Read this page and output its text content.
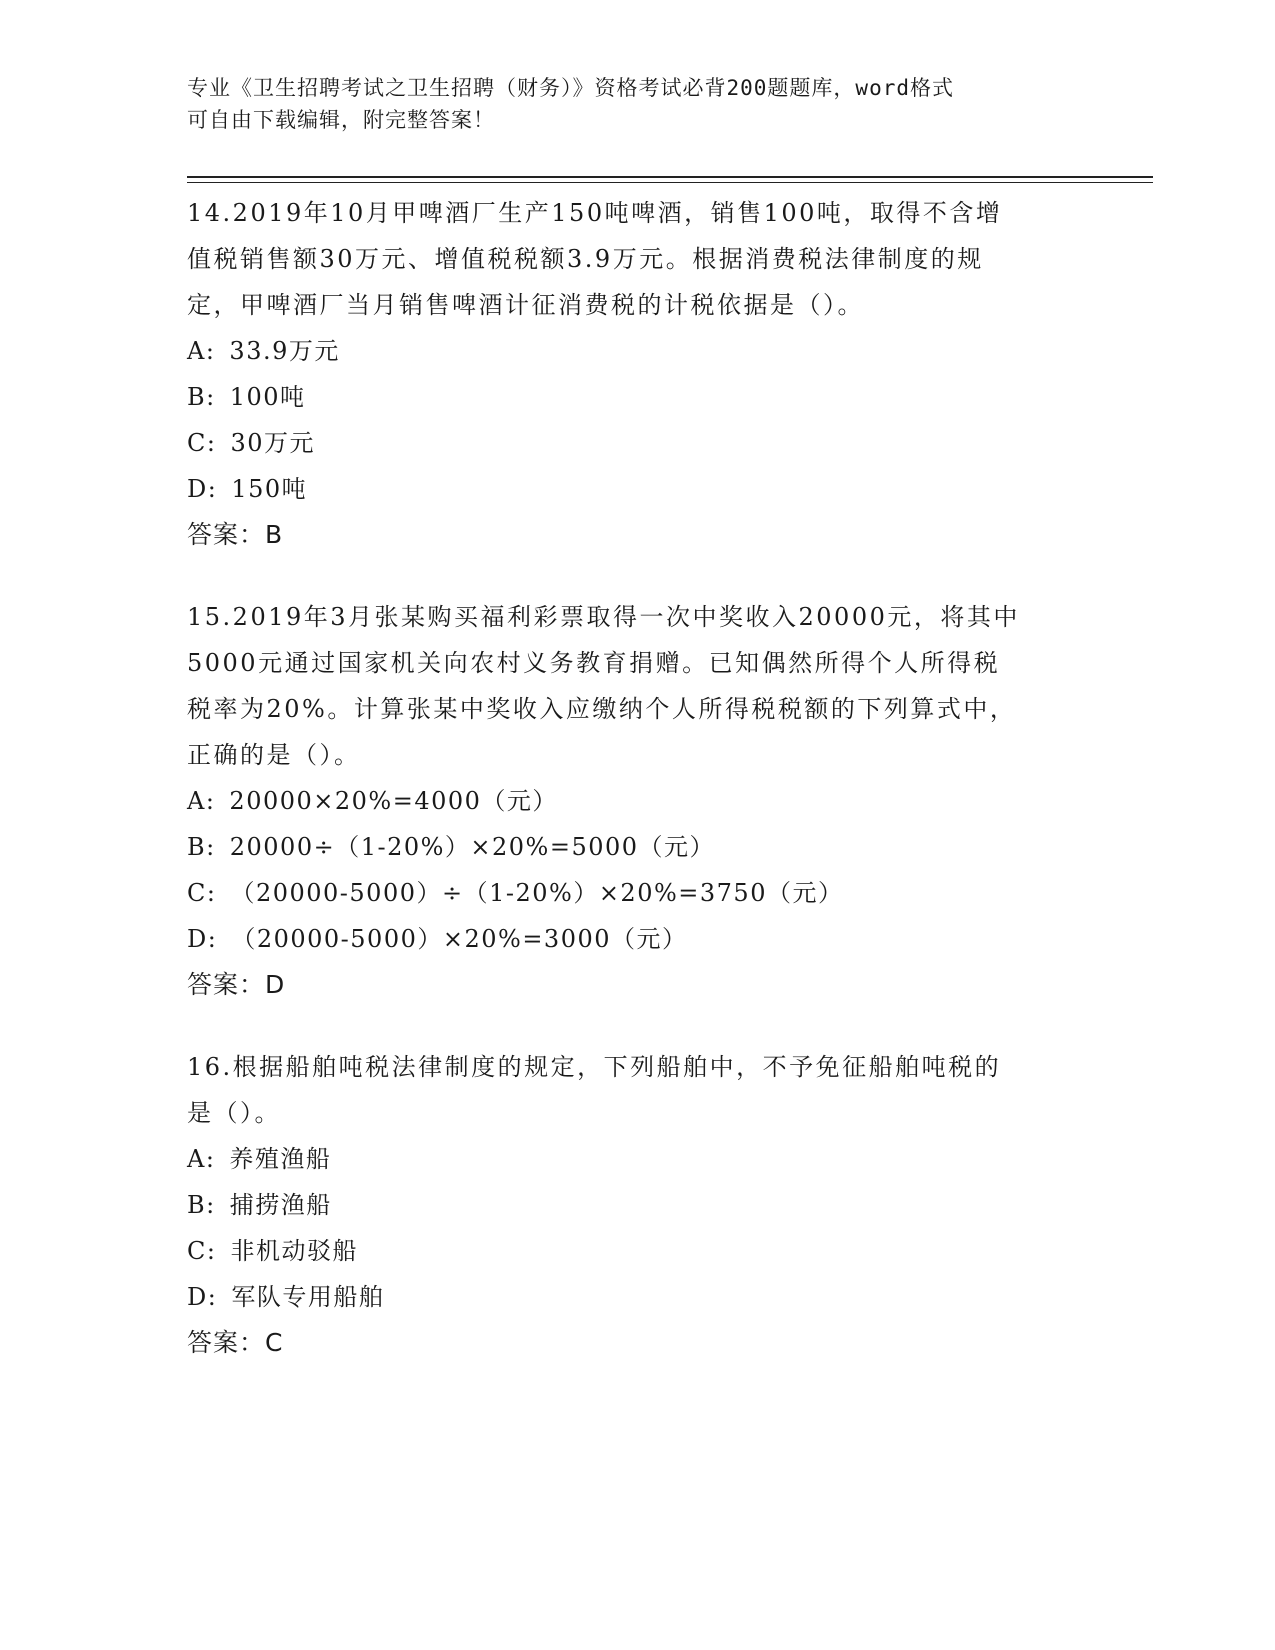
专业《卫生招聘考试之卫生招聘（财务）》资格考试必背200题题库，word格式
可自由下载编辑，附完整答案！
14.2019年10月甲啤酒厂生产150吨啤酒，销售100吨，取得不含增
值税销售额30万元、增值税税额3.9万元。根据消费税法律制度的规
定，甲啤酒厂当月销售啤酒计征消费税的计税依据是（）。
A: 33.9万元
B: 100吨
C: 30万元
D: 150吨
答案：B
15.2019年3月张某购买福利彩票取得一次中奖收入20000元，将其中
5000元通过国家机关向农村义务教育捐赠。已知偶然所得个人所得税
税率为20%。计算张某中奖收入应缴纳个人所得税税额的下列算式中，
正确的是（）。
A: 20000×20%=4000（元）
B: 20000÷（1-20%）×20%=5000（元）
C: （20000-5000）÷（1-20%）×20%=3750（元）
D: （20000-5000）×20%=3000（元）
答案：D
16.根据船舶吨税法律制度的规定，下列船舶中，不予免征船舶吨税的
是（）。
A: 养殖渔船
B: 捕捞渔船
C: 非机动驳船
D: 军队专用船舶
答案：C
